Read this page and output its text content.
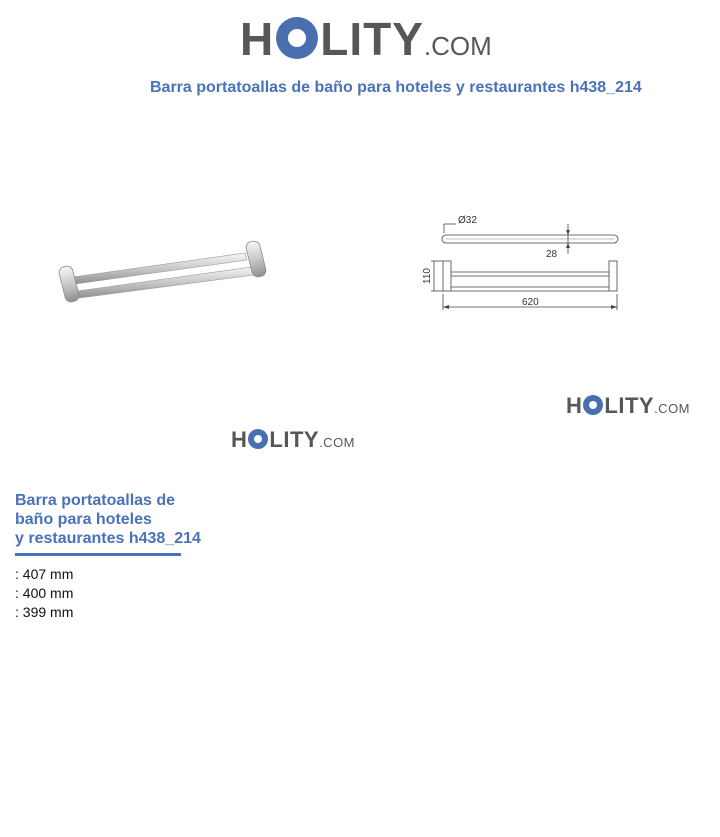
H LITY .COM
Barra portatoallas de baño para hoteles y restaurantes h438_214
Ø32
28
110
620
H LITY .COM
H LITY .COM
Barra portatoallas de
baño para hoteles
y restaurantes h438_214
: 407 mm
: 400 mm
: 399 mm
